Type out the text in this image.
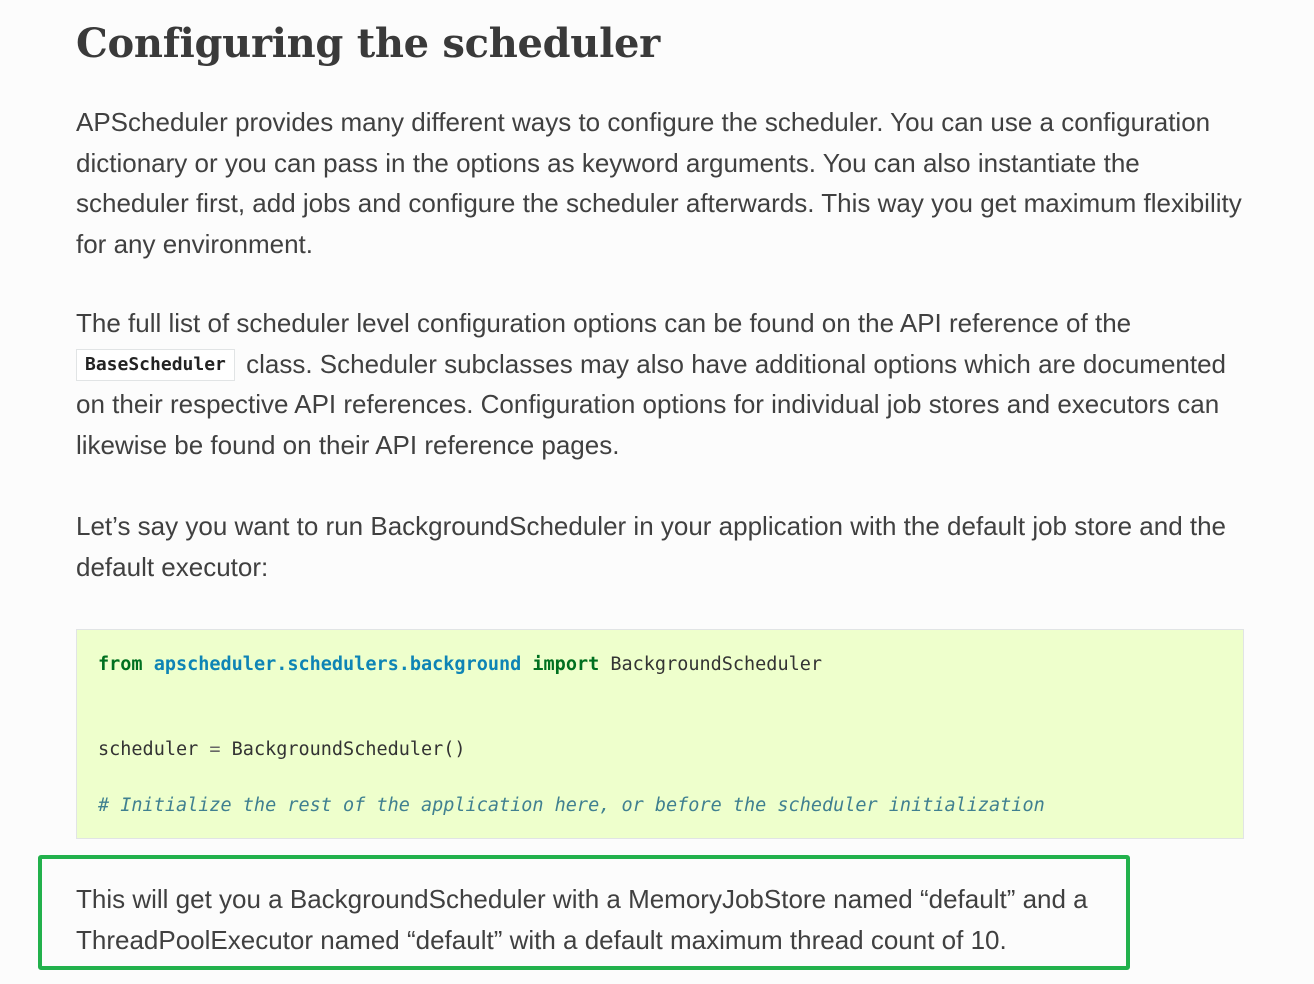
Configuring the scheduler

APScheduler provides many different ways to configure the scheduler. You can use a configuration dictionary or you can pass in the options as keyword arguments. You can also instantiate the scheduler first, add jobs and configure the scheduler afterwards. This way you get maximum flexibility for any environment.

The full list of scheduler level configuration options can be found on the API reference of the BaseScheduler class. Scheduler subclasses may also have additional options which are documented on their respective API references. Configuration options for individual job stores and executors can likewise be found on their API reference pages.

Let’s say you want to run BackgroundScheduler in your application with the default job store and the default executor:

from apscheduler.schedulers.background import BackgroundScheduler
scheduler = BackgroundScheduler()
# Initialize the rest of the application here, or before the scheduler initialization

This will get you a BackgroundScheduler with a MemoryJobStore named “default” and a ThreadPoolExecutor named “default” with a default maximum thread count of 10.
